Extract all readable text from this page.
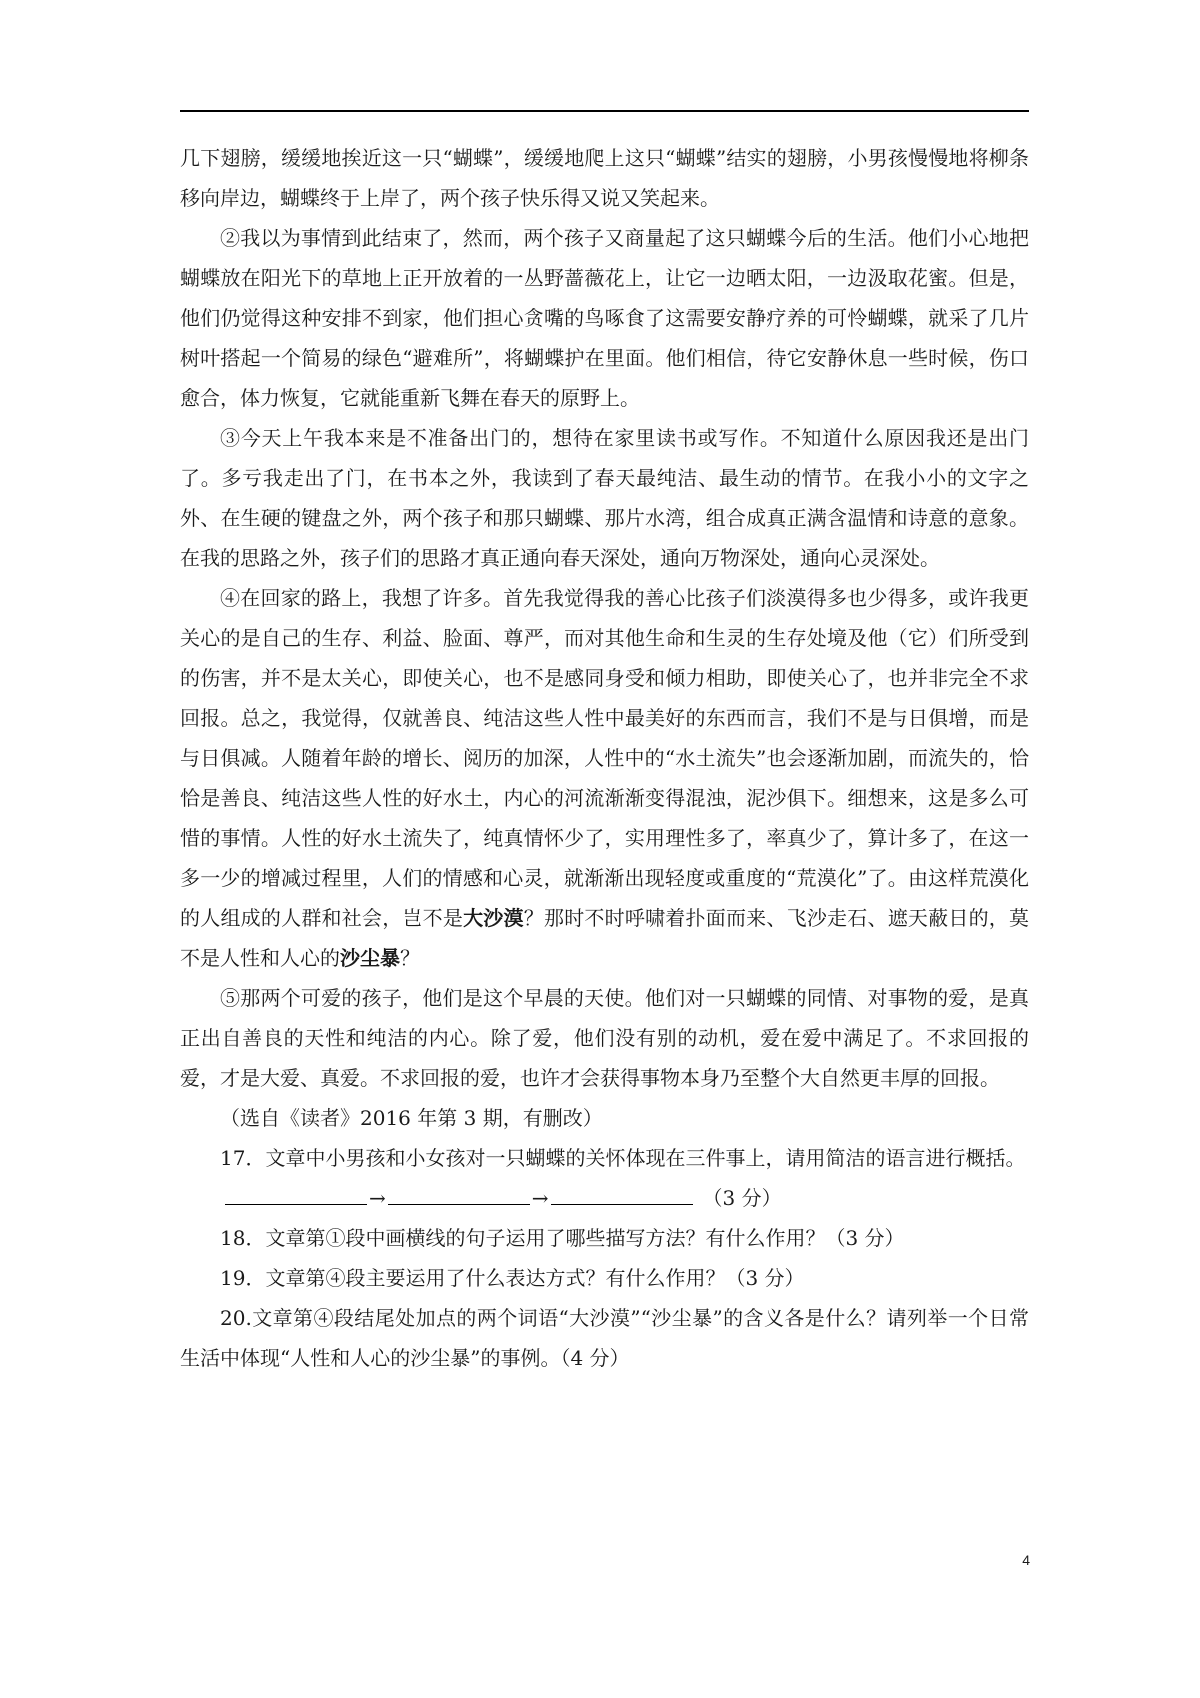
几下翅膀，缓缓地挨近这一只“蝴蝶”，缓缓地爬上这只“蝴蝶”结实的翅膀，小男孩慢慢地将柳条移向岸边，蝴蝶终于上岸了，两个孩子快乐得又说又笑起来。

②我以为事情到此结束了，然而，两个孩子又商量起了这只蝴蝶今后的生活。他们小心地把蝴蝶放在阳光下的草地上正开放着的一丛野蔷薇花上，让它一边晒太阳，一边汲取花蜜。但是，他们仍觉得这种安排不到家，他们担心贪嘴的鸟啄食了这需要安静疗养的可怜蝴蝶，就采了几片树叶搭起一个简易的绿色“避难所”，将蝴蝶护在里面。他们相信，待它安静休息一些时候，伤口愈合，体力恢复，它就能重新飞舞在春天的原野上。

③今天上午我本来是不准备出门的，想待在家里读书或写作。不知道什么原因我还是出门了。多亏我走出了门，在书本之外，我读到了春天最纯洁、最生动的情节。在我小小的文字之外、在生硬的键盘之外，两个孩子和那只蝴蝶、那片水湾，组合成真正满含温情和诗意的意象。在我的思路之外，孩子们的思路才真正通向春天深处，通向万物深处，通向心灵深处。

④在回家的路上，我想了许多。首先我觉得我的善心比孩子们淡漠得多也少得多，或许我更关心的是自己的生存、利益、脸面、尊严，而对其他生命和生灵的生存处境及他（它）们所受到的伤害，并不是太关心，即使关心，也不是感同身受和倾力相助，即使关心了，也并非完全不求回报。总之，我觉得，仅就善良、纯洁这些人性中最美好的东西而言，我们不是与日俱增，而是与日俱减。人随着年龄的增长、阅历的加深，人性中的“水土流失”也会逐渐加剧，而流失的，恰恰是善良、纯洁这些人性的好水土，内心的河流渐渐变得混浊，泥沙俱下。细想来，这是多么可惜的事情。人性的好水土流失了，纯真情怀少了，实用理性多了，率真少了，算计多了，在这一多一少的增减过程里，人们的情感和心灵，就渐渐出现轻度或重度的“荒漠化”了。由这样荒漠化的人组成的人群和社会，岂不是大沙漠？那时不时呼啸着扑面而来、飞沙走石、遮天蔽日的，莫不是人性和人心的沙尘暴？

⑤那两个可爱的孩子，他们是这个早晨的天使。他们对一只蝴蝶的同情、对事物的爱，是真正出自善良的天性和纯洁的内心。除了爱，他们没有别的动机，爱在爱中满足了。不求回报的爱，才是大爱、真爱。不求回报的爱，也许才会获得事物本身乃至整个大自然更丰厚的回报。

（选自《读者》2016 年第 3 期，有删改）

17．文章中小男孩和小女孩对一只蝴蝶的关怀体现在三件事上，请用简洁的语言进行概括。

→	→	（3 分）

18．文章第①段中画横线的句子运用了哪些描写方法？有什么作用？（3 分）

19．文章第④段主要运用了什么表达方式？有什么作用？（3 分）

20.文章第④段结尾处加点的两个词语“大沙漠”“沙尘暴”的含义各是什么？请列举一个日常生活中体现“人性和人心的沙尘暴”的事例。（4 分）

4
